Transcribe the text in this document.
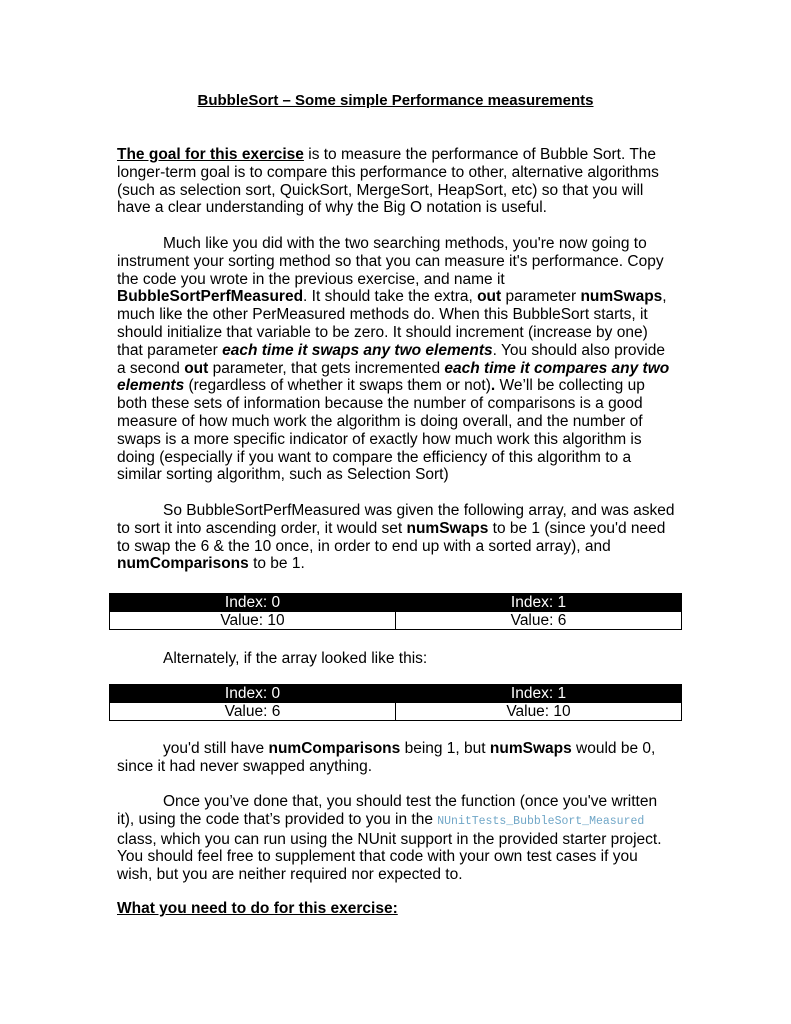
BubbleSort – Some simple Performance measurements
The goal for this exercise is to measure the performance of Bubble Sort. The longer-term goal is to compare this performance to other, alternative algorithms (such as selection sort, QuickSort, MergeSort, HeapSort, etc) so that you will have a clear understanding of why the Big O notation is useful.
Much like you did with the two searching methods, you're now going to instrument your sorting method so that you can measure it's performance. Copy the code you wrote in the previous exercise, and name it BubbleSortPerfMeasured. It should take the extra, out parameter numSwaps, much like the other PerMeasured methods do. When this BubbleSort starts, it should initialize that variable to be zero. It should increment (increase by one) that parameter each time it swaps any two elements. You should also provide a second out parameter, that gets incremented each time it compares any two elements (regardless of whether it swaps them or not). We’ll be collecting up both these sets of information because the number of comparisons is a good measure of how much work the algorithm is doing overall, and the number of swaps is a more specific indicator of exactly how much work this algorithm is doing (especially if you want to compare the efficiency of this algorithm to a similar sorting algorithm, such as Selection Sort)
So BubbleSortPerfMeasured was given the following array, and was asked to sort it into ascending order, it would set numSwaps to be 1 (since you'd need to swap the 6 & the 10 once, in order to end up with a sorted array), and numComparisons to be 1.
Index: 0	Index: 1
Value: 10	Value: 6
Alternately, if the array looked like this:
Index: 0	Index: 1
Value: 6	Value: 10
you'd still have numComparisons being 1, but numSwaps would be 0, since it had never swapped anything.
Once you’ve done that, you should test the function (once you've written it), using the code that’s provided to you in the NUnitTests_BubbleSort_Measured class, which you can run using the NUnit support in the provided starter project. You should feel free to supplement that code with your own test cases if you wish, but you are neither required nor expected to.
What you need to do for this exercise:
